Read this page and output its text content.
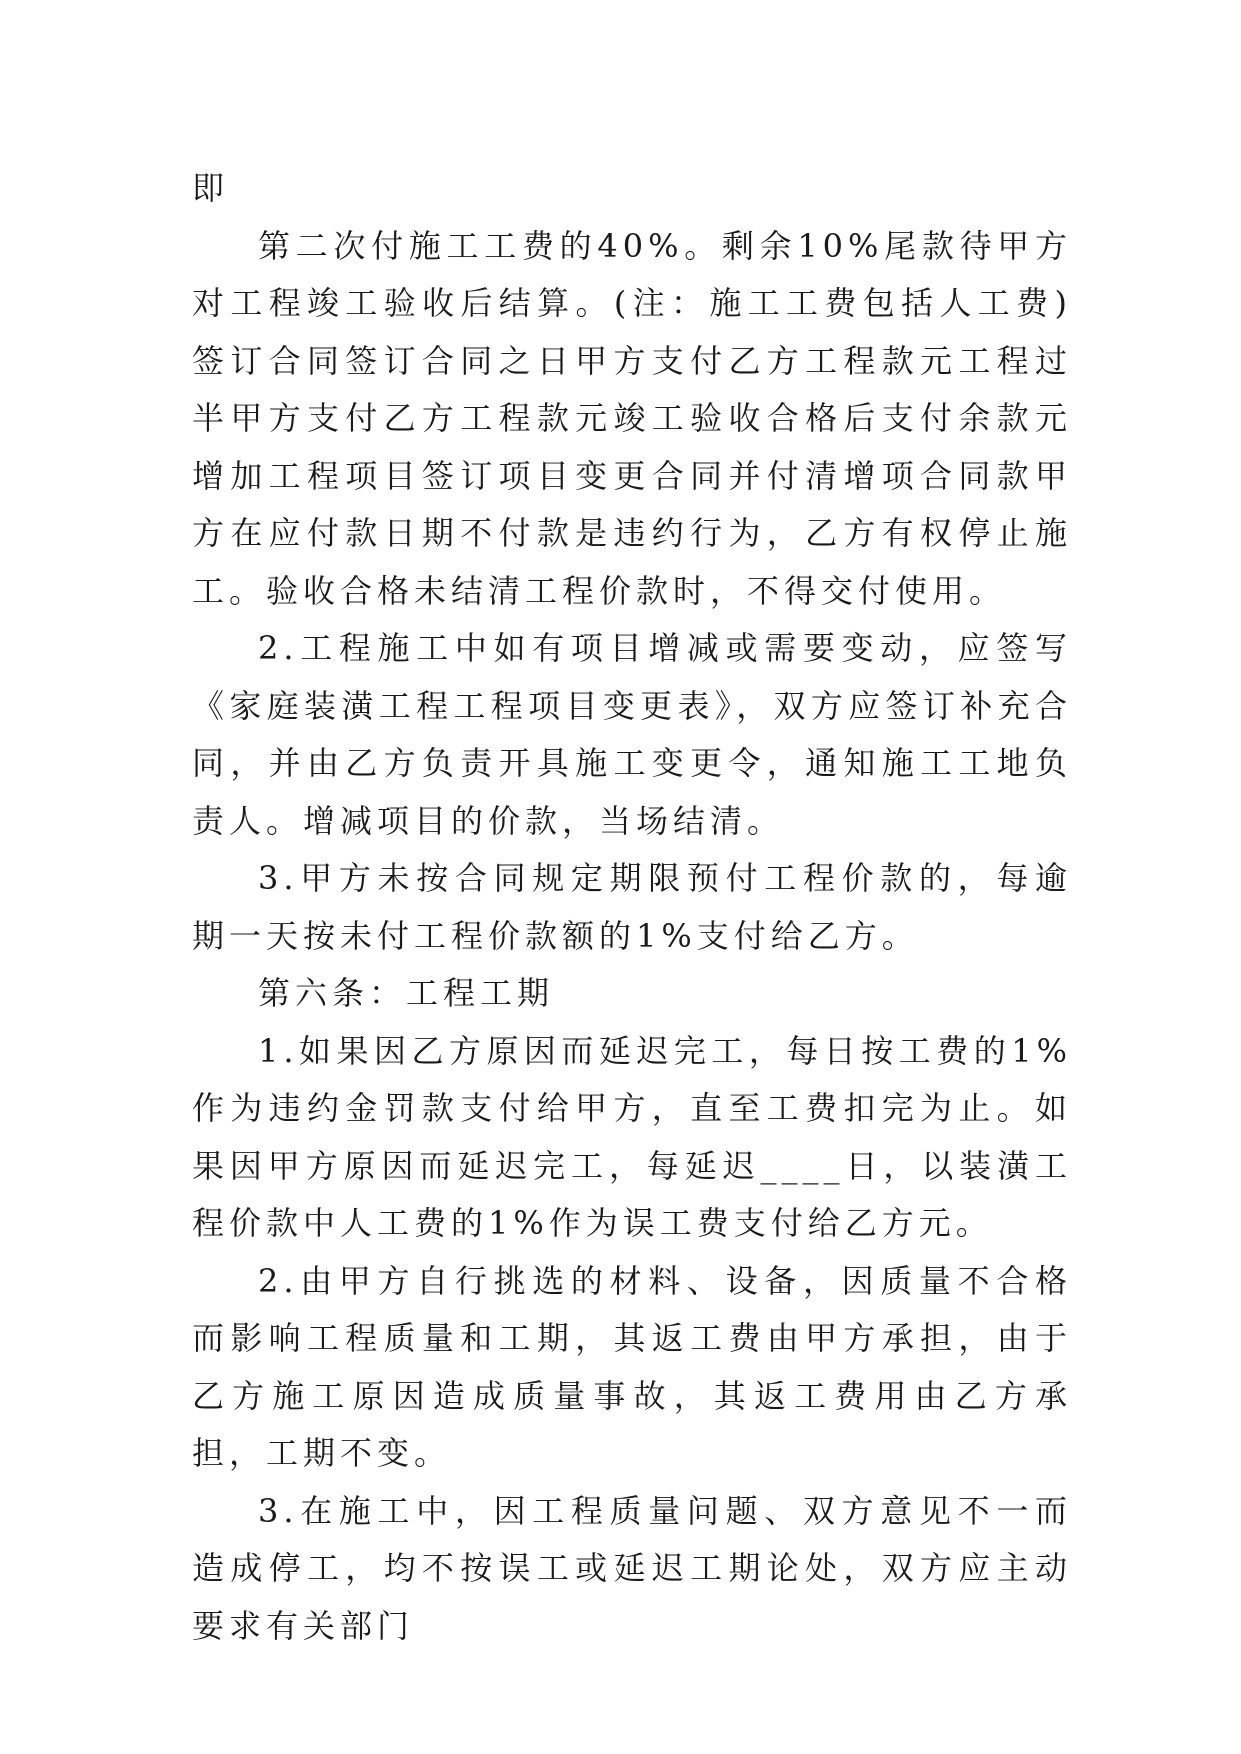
即

第二次付施工工费的40%。剩余10%尾款待甲方对工程竣工验收后结算。(注：施工工费包括人工费)签订合同签订合同之日甲方支付乙方工程款元工程过半甲方支付乙方工程款元竣工验收合格后支付余款元增加工程项目签订项目变更合同并付清增项合同款甲方在应付款日期不付款是违约行为，乙方有权停止施工。验收合格未结清工程价款时，不得交付使用。

2.工程施工中如有项目增减或需要变动，应签写《家庭装潢工程工程项目变更表》，双方应签订补充合同，并由乙方负责开具施工变更令，通知施工工地负责人。增减项目的价款，当场结清。

3.甲方未按合同规定期限预付工程价款的，每逾期一天按未付工程价款额的1%支付给乙方。

第六条：工程工期

1.如果因乙方原因而延迟完工，每日按工费的1%作为违约金罚款支付给甲方，直至工费扣完为止。如果因甲方原因而延迟完工，每延迟____日，以装潢工程价款中人工费的1%作为误工费支付给乙方元。

2.由甲方自行挑选的材料、设备，因质量不合格而影响工程质量和工期，其返工费由甲方承担，由于乙方施工原因造成质量事故，其返工费用由乙方承担，工期不变。

3.在施工中，因工程质量问题、双方意见不一而造成停工，均不按误工或延迟工期论处，双方应主动要求有关部门
